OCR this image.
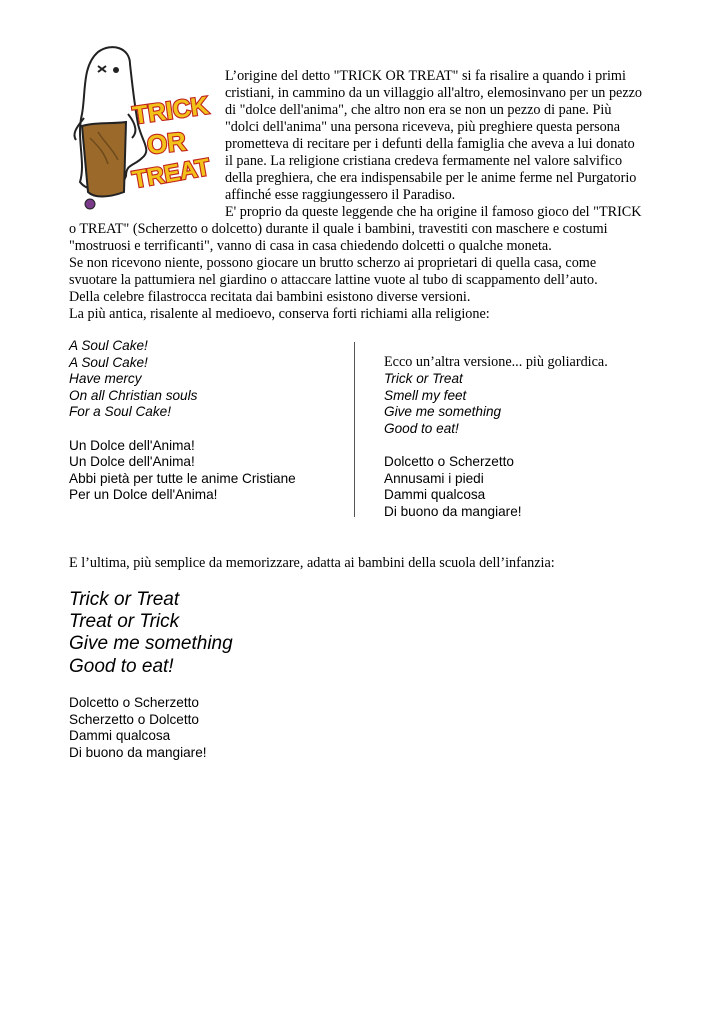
TRICK
OR
TREAT
L’origine del detto "TRICK OR TREAT" si fa risalire a quando i primi
cristiani, in cammino da un villaggio all'altro, elemosinvano per un pezzo
di "dolce dell'anima", che altro non era se non un pezzo di pane. Più
"dolci dell'anima" una persona riceveva, più preghiere questa persona
prometteva di recitare per i defunti della famiglia che aveva a lui donato
il pane. La religione cristiana credeva fermamente nel valore salvifico
della preghiera, che era indispensabile per le anime ferme nel Purgatorio
affinché esse raggiungessero il Paradiso.
E' proprio da queste leggende che ha origine il famoso gioco del "TRICK
o TREAT" (Scherzetto o dolcetto) durante il quale i bambini, travestiti con maschere e costumi
"mostruosi e terrificanti", vanno di casa in casa chiedendo dolcetti o qualche moneta.
Se non ricevono niente, possono giocare un brutto scherzo ai proprietari di quella casa, come
svuotare la pattumiera nel giardino o attaccare lattine vuote al tubo di scappamento dell’auto.
Della celebre filastrocca recitata dai bambini esistono diverse versioni.
La più antica, risalente al medioevo, conserva forti richiami alla religione:
A Soul Cake!
A Soul Cake!
Have mercy
On all Christian souls
For a Soul Cake!
Un Dolce dell'Anima!
Un Dolce dell'Anima!
Abbi pietà per tutte le anime Cristiane
Per un Dolce dell'Anima!
Ecco un’altra versione... più goliardica.
Trick or Treat
Smell my feet
Give me something
Good to eat!
Dolcetto o Scherzetto
Annusami i piedi
Dammi qualcosa
Di buono da mangiare!
E l’ultima, più semplice da memorizzare, adatta ai bambini della scuola dell’infanzia:
Trick or Treat
Treat or Trick
Give me something
Good to eat!
Dolcetto o Scherzetto
Scherzetto o Dolcetto
Dammi qualcosa
Di buono da mangiare!
